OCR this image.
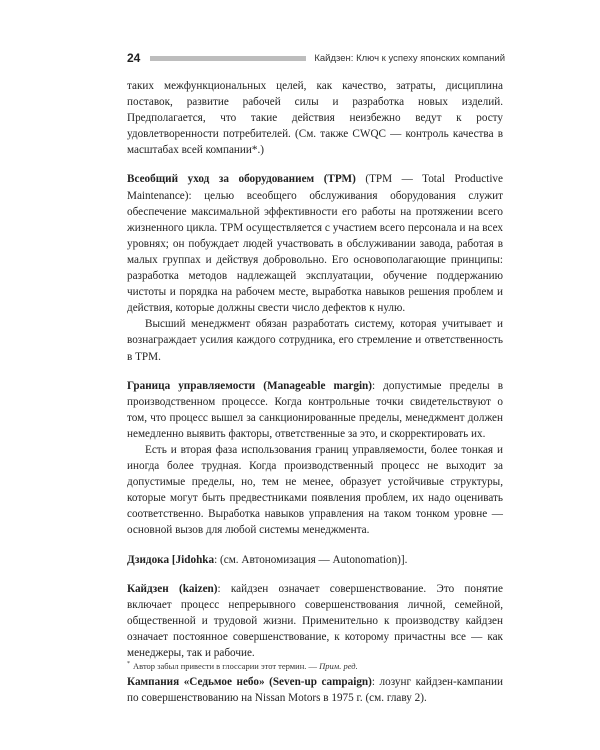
24	Кайдзен: Ключ к успеху японских компаний

таких межфункциональных целей, как качество, затраты, дисциплина поставок, развитие рабочей силы и разработка новых изделий. Предполагается, что такие действия неизбежно ведут к росту удовлетворенности потребителей. (См. также CWQC — контроль качества в масштабах всей компании*.)

Всеобщий уход за оборудованием (ТРМ) (TPM — Total Productive Maintenance): целью всеобщего обслуживания оборудования служит обеспечение максимальной эффективности его работы на протяжении всего жизненного цикла. TPM осуществляется с участием всего персонала и на всех уровнях; он побуждает людей участвовать в обслуживании завода, работая в малых группах и действуя добровольно. Его основополагающие принципы: разработка методов надлежащей эксплуатации, обучение поддержанию чистоты и порядка на рабочем месте, выработка навыков решения проблем и действия, которые должны свести число дефектов к нулю.

Высший менеджмент обязан разработать систему, которая учитывает и вознаграждает усилия каждого сотрудника, его стремление и ответственность в TPM.

Граница управляемости (Manageable margin): допустимые пределы в производственном процессе. Когда контрольные точки свидетельствуют о том, что процесс вышел за санкционированные пределы, менеджмент должен немедленно выявить факторы, ответственные за это, и скорректировать их.

Есть и вторая фаза использования границ управляемости, более тонкая и иногда более трудная. Когда производственный процесс не выходит за допустимые пределы, но, тем не менее, образует устойчивые структуры, которые могут быть предвестниками появления проблем, их надо оценивать соответственно. Выработка навыков управления на таком тонком уровне — основной вызов для любой системы менеджмента.

Дзидока [Jidohka: (см. Автономизация — Autonomation)].

Кайдзен (kaizen): кайдзен означает совершенствование. Это понятие включает процесс непрерывного совершенствования личной, семейной, общественной и трудовой жизни. Применительно к производству кайдзен означает постоянное совершенствование, к которому причастны все — как менеджеры, так и рабочие.

Кампания «Седьмое небо» (Seven-up campaign): лозунг кайдзен-кампании по совершенствованию на Nissan Motors в 1975 г. (см. главу 2).

* Автор забыл привести в глоссарии этот термин. — Прим. ред.
